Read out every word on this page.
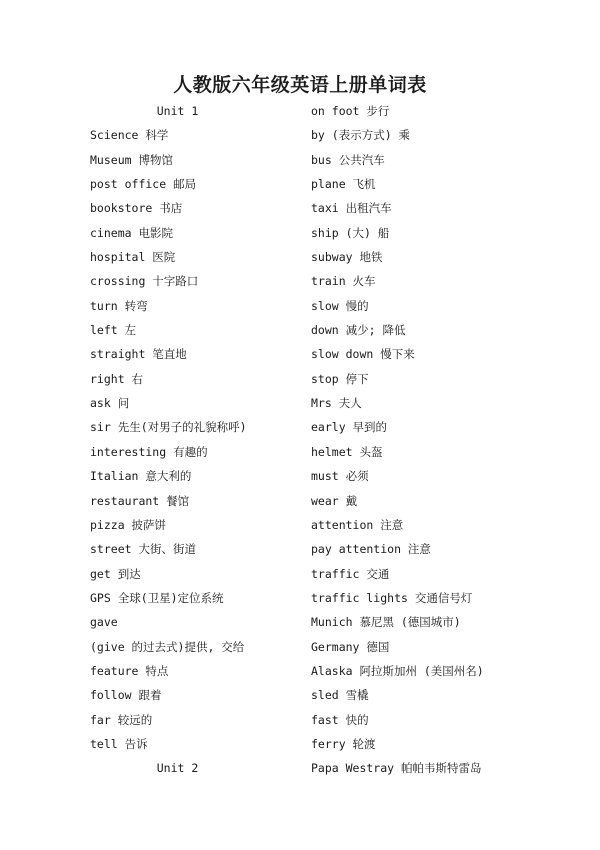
人教版六年级英语上册单词表
Unit 1
Science 科学
Museum 博物馆
post office 邮局
bookstore 书店
cinema 电影院
hospital 医院
crossing 十字路口
turn 转弯
left 左
straight 笔直地
right 右
ask 问
sir 先生(对男子的礼貌称呼)
interesting 有趣的
Italian 意大利的
restaurant 餐馆
pizza 披萨饼
street 大街、街道
get 到达
GPS 全球(卫星)定位系统
gave
(give 的过去式)提供, 交给
feature 特点
follow 跟着
far 较远的
tell 告诉
Unit 2
on foot 步行
by (表示方式) 乘
bus 公共汽车
plane 飞机
taxi 出租汽车
ship (大) 船
subway 地铁
train 火车
slow 慢的
down 减少; 降低
slow down 慢下来
stop 停下
Mrs 夫人
early 早到的
helmet 头盔
must 必须
wear 戴
attention 注意
pay attention 注意
traffic 交通
traffic lights 交通信号灯
Munich 慕尼黑 (德国城市)
Germany 德国
Alaska 阿拉斯加州 (美国州名)
sled 雪橇
fast 快的
ferry 轮渡
Papa Westray 帕帕韦斯特雷岛
